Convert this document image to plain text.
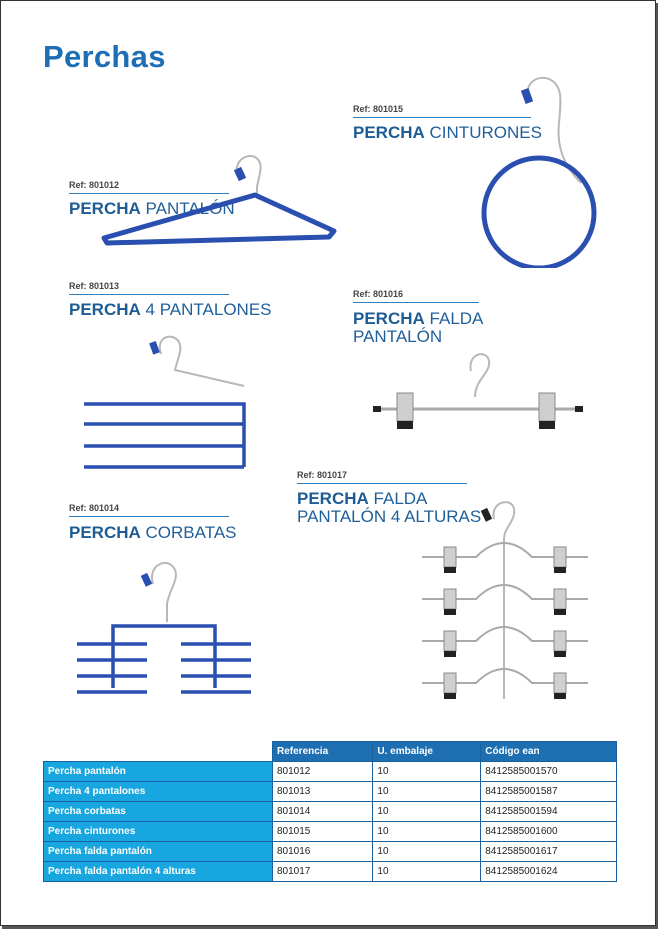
Perchas
Ref: 801012
PERCHA PANTALÓN
Ref: 801015
PERCHA CINTURONES
Ref: 801013
PERCHA 4 PANTALONES
Ref: 801016
PERCHA FALDA
PANTALÓN
Ref: 801017
PERCHA FALDA
PANTALÓN 4 ALTURAS
Ref: 801014
PERCHA CORBATAS
	Referencia	U. embalaje	Código ean
Percha pantalón	801012	10	8412585001570
Percha 4 pantalones	801013	10	8412585001587
Percha corbatas	801014	10	8412585001594
Percha cinturones	801015	10	8412585001600
Percha falda pantalón	801016	10	8412585001617
Percha falda pantalón 4 alturas	801017	10	8412585001624
